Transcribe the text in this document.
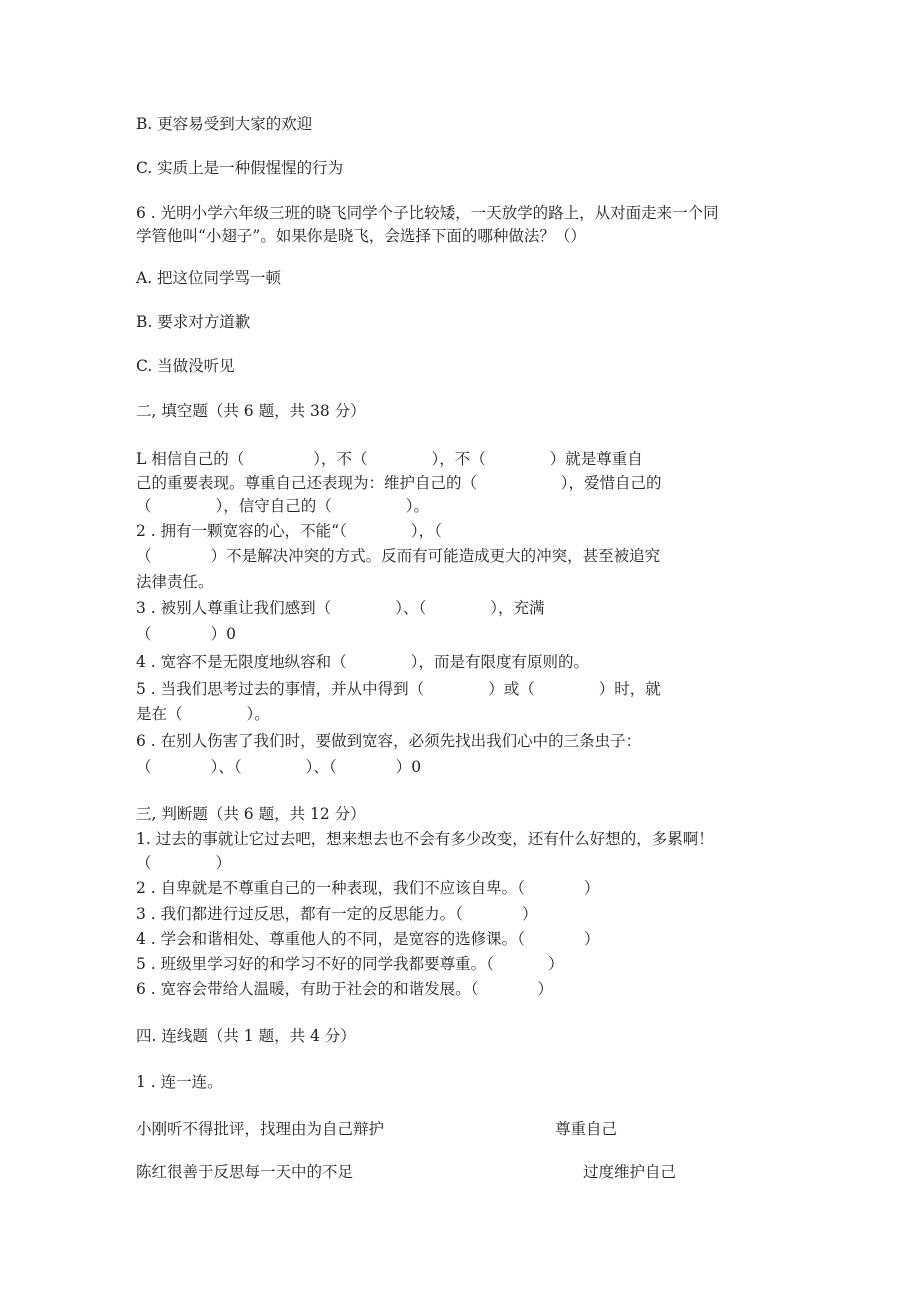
B. 更容易受到大家的欢迎

C. 实质上是一种假惺惺的行为

6 . 光明小学六年级三班的晓飞同学个子比较矮，一天放学的路上，从对面走来一个同

学管他叫“小翅子”。如果你是晓飞，会选择下面的哪种做法？（）

A. 把这位同学骂一顿

B. 要求对方道歉

C. 当做没听见

二, 填空题（共 6 题，共 38 分）

L 相信自己的（              ），不（             ），不（             ）就是尊重自

己的重要表现。尊重自己还表现为：维护自己的（                 ），爱惜自己的

（             ），信守自己的（               ）。

2 . 拥有一颗宽容的心，不能“（             ），（

（            ）不是解决冲突的方式。反而有可能造成更大的冲突，甚至被追究

法律责任。

3 . 被别人尊重让我们感到（             ）、（             ），充满

（            ）0

4 . 宽容不是无限度地纵容和（             ），而是有限度有原则的。

5 . 当我们思考过去的事情，并从中得到（             ）或（             ）时，就

是在（             ）。

6 . 在别人伤害了我们时，要做到宽容，必须先找出我们心中的三条虫子：

（            ）、（             ）、（            ）0

三, 判断题（共 6 题，共 12 分）

1. 过去的事就让它过去吧，想来想去也不会有多少改变，还有什么好想的，多累啊！

（             ）

2 . 自卑就是不尊重自己的一种表现，我们不应该自卑。（            ）

3 . 我们都进行过反思，都有一定的反思能力。（            ）

4 . 学会和谐相处、尊重他人的不同，是宽容的选修课。（            ）

5 . 班级里学习好的和学习不好的同学我都要尊重。（           ）

6 . 宽容会带给人温暖，有助于社会的和谐发展。（            ）

四. 连线题（共 1 题，共 4 分）

1 . 连一连。

小刚听不得批评，找理由为自己辩护	尊重自己

陈红很善于反思每一天中的不足	过度维护自己
